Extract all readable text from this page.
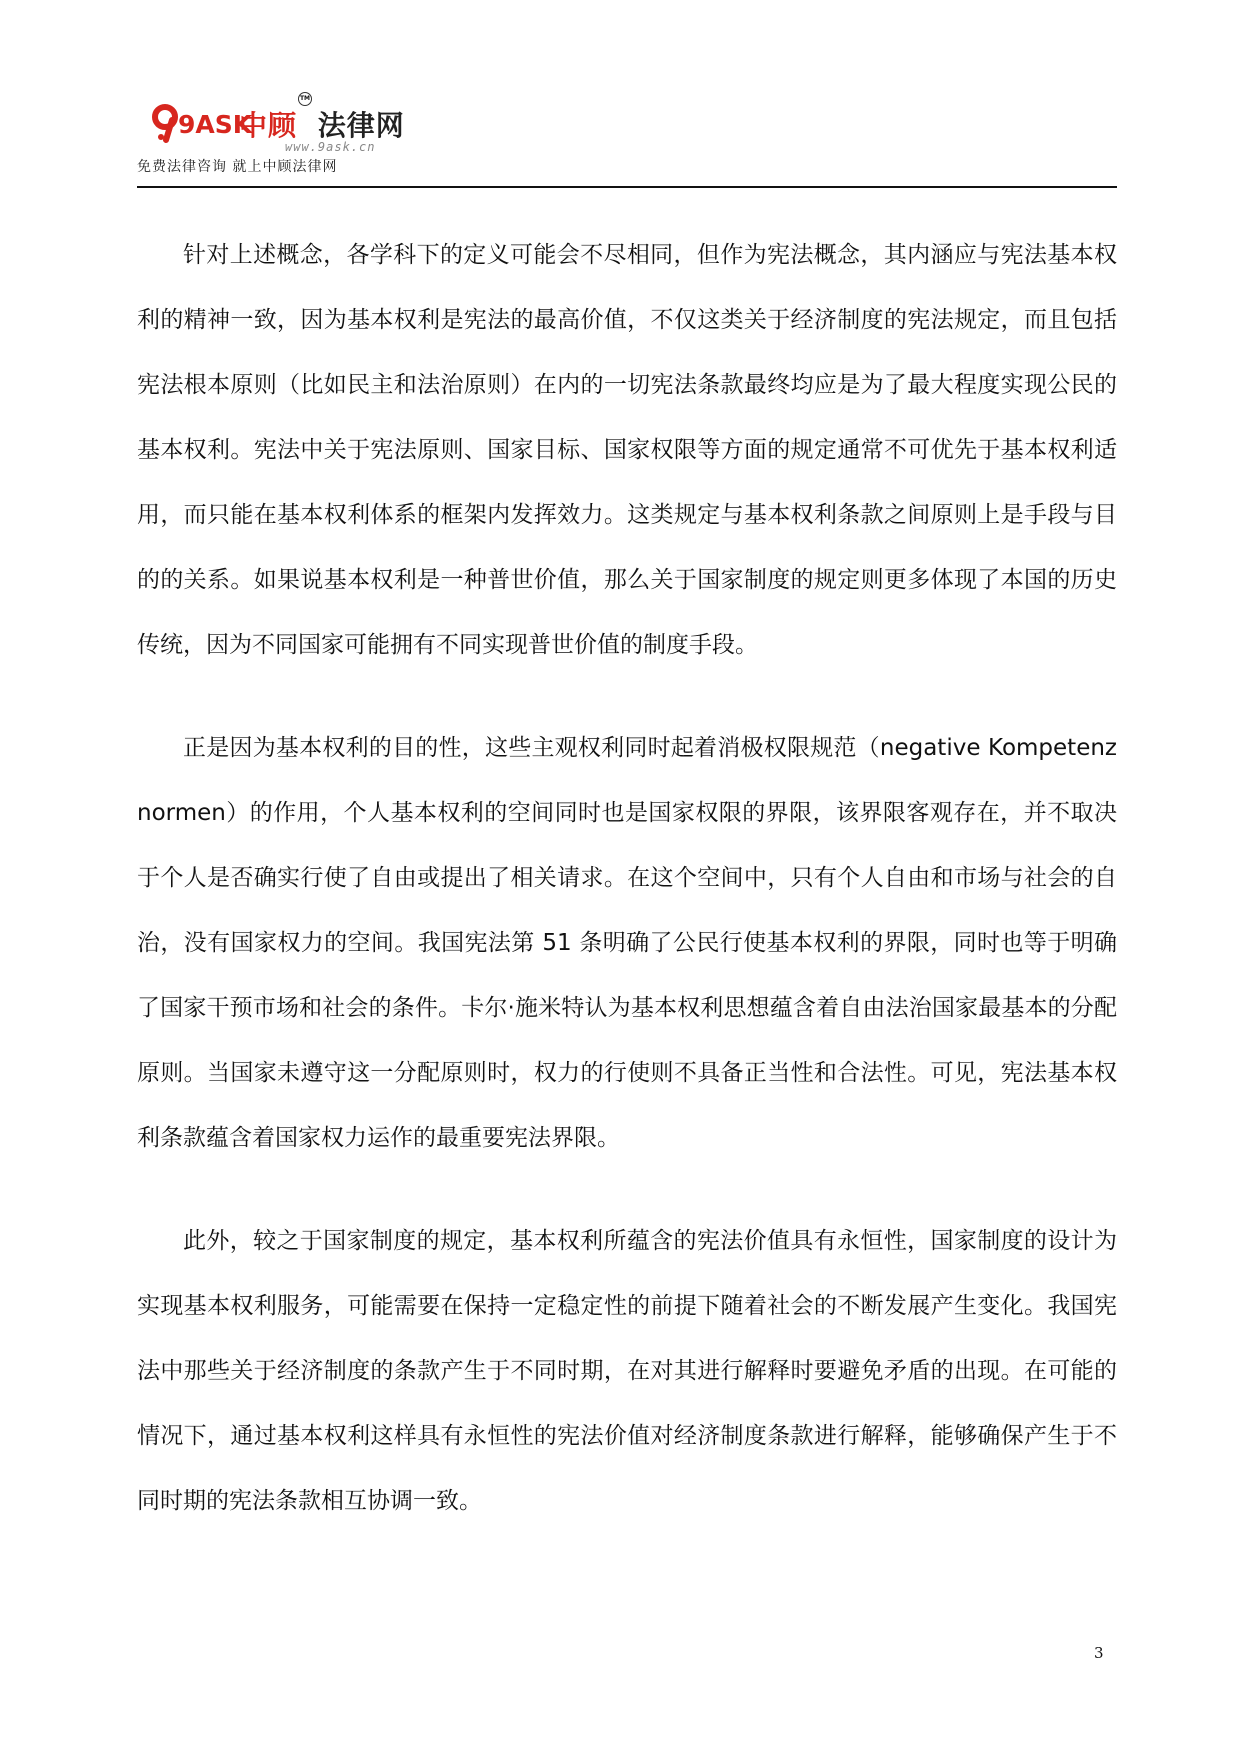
9ASK
TM
中顾 法律网
www.9ask.cn
免费法律咨询 就上中顾法律网

针对上述概念，各学科下的定义可能会不尽相同，但作为宪法概念，其内涵应与宪法基本权利的精神一致，因为基本权利是宪法的最高价值，不仅这类关于经济制度的宪法规定，而且包括宪法根本原则（比如民主和法治原则）在内的一切宪法条款最终均应是为了最大程度实现公民的基本权利。宪法中关于宪法原则、国家目标、国家权限等方面的规定通常不可优先于基本权利适用，而只能在基本权利体系的框架内发挥效力。这类规定与基本权利条款之间原则上是手段与目的的关系。如果说基本权利是一种普世价值，那么关于国家制度的规定则更多体现了本国的历史传统，因为不同国家可能拥有不同实现普世价值的制度手段。

正是因为基本权利的目的性，这些主观权利同时起着消极权限规范（negative Kompetenznormen）的作用，个人基本权利的空间同时也是国家权限的界限，该界限客观存在，并不取决于个人是否确实行使了自由或提出了相关请求。在这个空间中，只有个人自由和市场与社会的自治，没有国家权力的空间。我国宪法第 51 条明确了公民行使基本权利的界限，同时也等于明确了国家干预市场和社会的条件。卡尔·施米特认为基本权利思想蕴含着自由法治国家最基本的分配原则。当国家未遵守这一分配原则时，权力的行使则不具备正当性和合法性。可见，宪法基本权利条款蕴含着国家权力运作的最重要宪法界限。

此外，较之于国家制度的规定，基本权利所蕴含的宪法价值具有永恒性，国家制度的设计为实现基本权利服务，可能需要在保持一定稳定性的前提下随着社会的不断发展产生变化。我国宪法中那些关于经济制度的条款产生于不同时期，在对其进行解释时要避免矛盾的出现。在可能的情况下，通过基本权利这样具有永恒性的宪法价值对经济制度条款进行解释，能够确保产生于不同时期的宪法条款相互协调一致。

3
